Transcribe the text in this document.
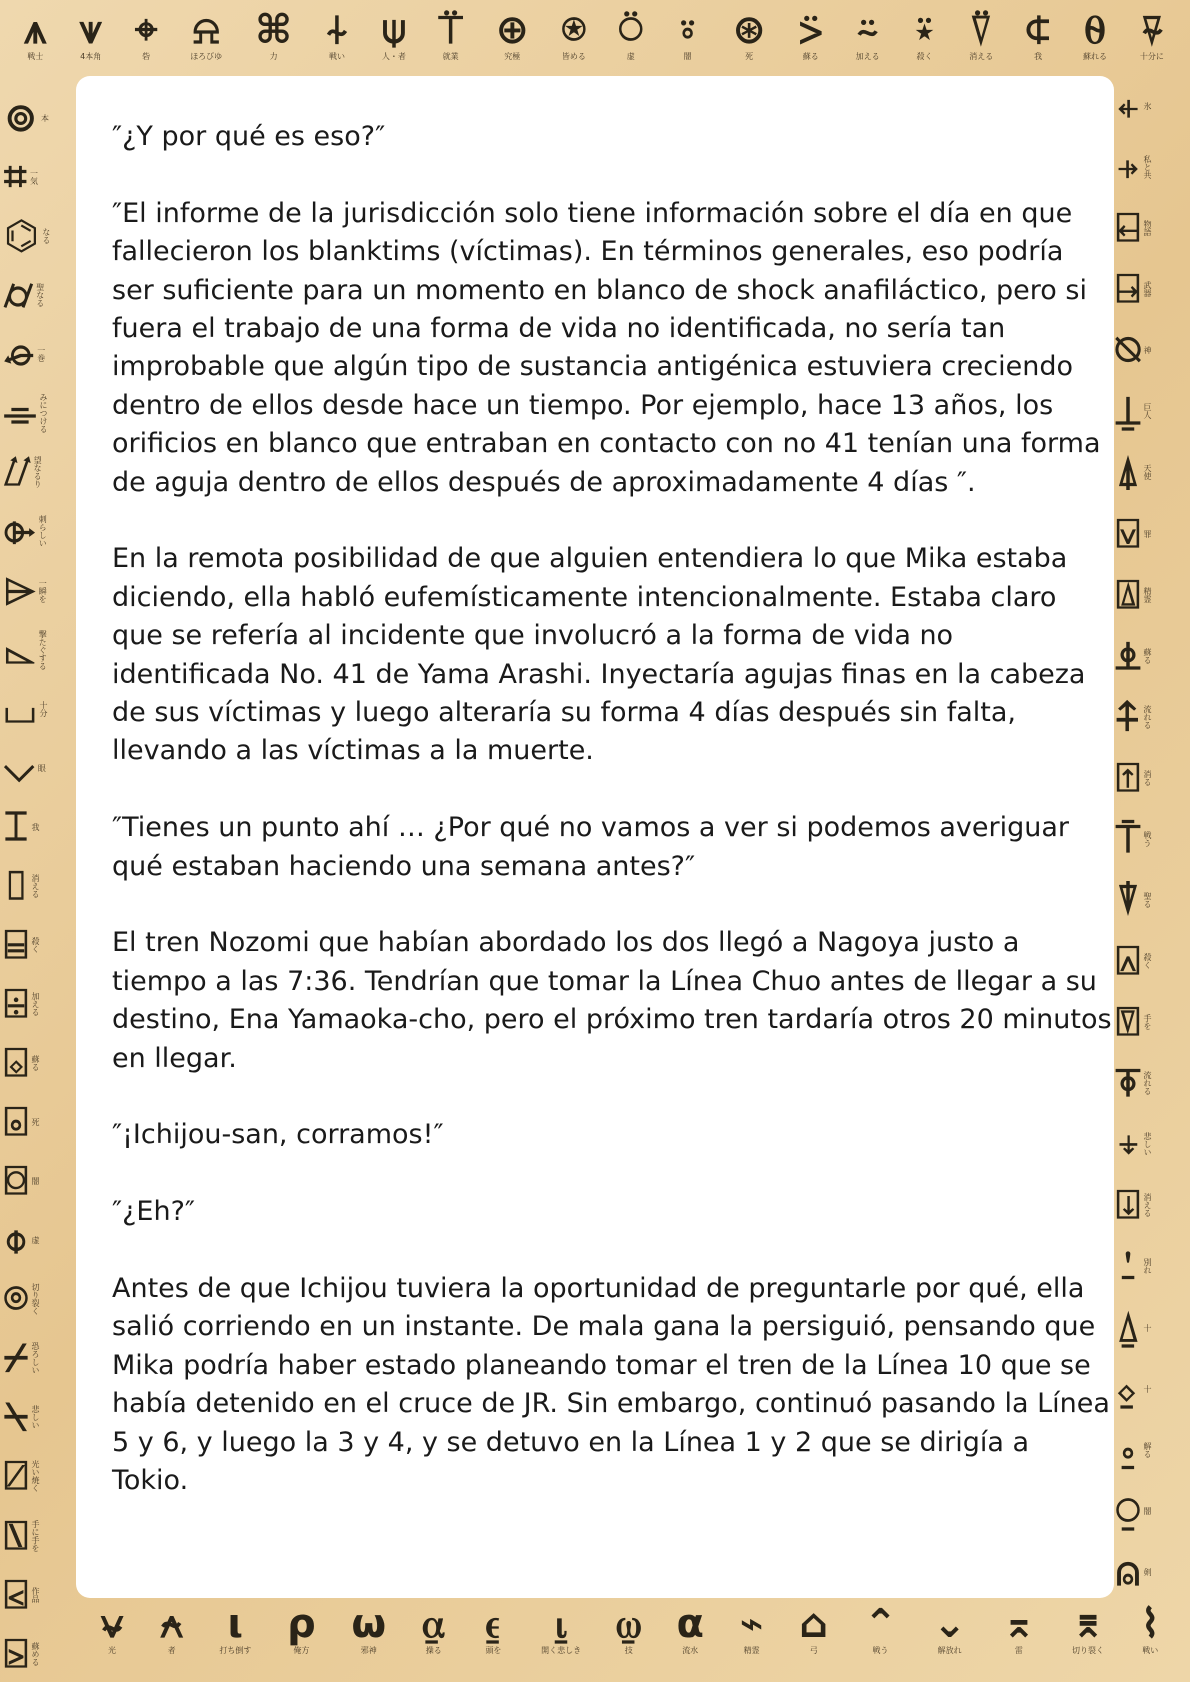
⩚
戦士
⩛
4本角
⌖
砦
⍾
ほろびゆ
⌘
力
⍭
戦い
⍦
人・者
⍡
就業
⊕
究極
⍟
皆める
⍥
虚
⍤
闇
⊛
死
⍩
蘇る
⍨
加える
⍣
殺く
⍢
消える
⍧
我
⍬
蘇れる
⍫
十分に
⍱
光
⍲
者
⍳
打ち倒す
⍴
俺方
⍵
邪神
⍶
操る
⍷
頭を
⍸
開く悲しき
⍹
技
⍺
流水
⌁
精霊
⌂
弓
⌃
戦う
⌄
解放れ
⌅
雷
⌆
切り裂く
⌇
戦い
⊚ 本
⌗ 一気
⌬ なる
⌭ 聖なる
⌮ 一巻
⌯ みにつける
⌰ 望なるり
⌱ 刺らしい
⌲ 一瞬を
⌳ 撃たぐする
⌴ 十分
⌵ 眼
⌶ 我
⌷ 消える
⌸ 殺く
⌹ 加える
⌺ 蘇る
⌻ 死
⌼ 闇
⌽ 虚
⌾ 切り裂く
⌿ 恐ろしい
⍀ 悲しい
⍁ 光い焼く
⍂ 手に手を
⍃ 作品
⍄ 蘇める
⍅ 氷
⍆ 私と共
⍇ 物語
⍈ 武器
⍉ 神
⍊ 巨人
⍋ 天使
⍌ 罪
⍍ 精霊
⍎ 蘇る
⍏ 流れる
⍐ 消る
⍑ 戦う
⍒ 聖る
⍓ 殺く
⍔ 手を
⍕ 流れる
⍖ 悲しい
⍗ 消える
⍘ 別れ
⍙ 十
⍚ 十
⍛ 解る
⍜ 闇
⍝ 剣

″¿Y por qué es eso?″

″El informe de la jurisdicción solo tiene información sobre el día en que fallecieron los blanktims (víctimas). En términos generales, eso podría ser suficiente para un momento en blanco de shock anafiláctico, pero si fuera el trabajo de una forma de vida no identificada, no sería tan improbable que algún tipo de sustancia antigénica estuviera creciendo dentro de ellos desde hace un tiempo. Por ejemplo, hace 13 años, los orificios en blanco que entraban en contacto con no 41 tenían una forma de aguja dentro de ellos después de aproximadamente 4 días ″.

En la remota posibilidad de que alguien entendiera lo que Mika estaba diciendo, ella habló eufemísticamente intencionalmente. Estaba claro que se refería al incidente que involucró a la forma de vida no identificada No. 41 de Yama Arashi. Inyectaría agujas finas en la cabeza de sus víctimas y luego alteraría su forma 4 días después sin falta, llevando a las víctimas a la muerte.

″Tienes un punto ahí … ¿Por qué no vamos a ver si podemos averiguar qué estaban haciendo una semana antes?″

El tren Nozomi que habían abordado los dos llegó a Nagoya justo a tiempo a las 7:36. Tendrían que tomar la Línea Chuo antes de llegar a su destino, Ena Yamaoka-cho, pero el próximo tren tardaría otros 20 minutos en llegar.

″¡Ichijou-san, corramos!″

″¿Eh?″

Antes de que Ichijou tuviera la oportunidad de preguntarle por qué, ella salió corriendo en un instante. De mala gana la persiguió, pensando que Mika podría haber estado planeando tomar el tren de la Línea 10 que se había detenido en el cruce de JR. Sin embargo, continuó pasando la Línea 5 y 6, y luego la 3 y 4, y se detuvo en la Línea 1 y 2 que se dirigía a Tokio.
